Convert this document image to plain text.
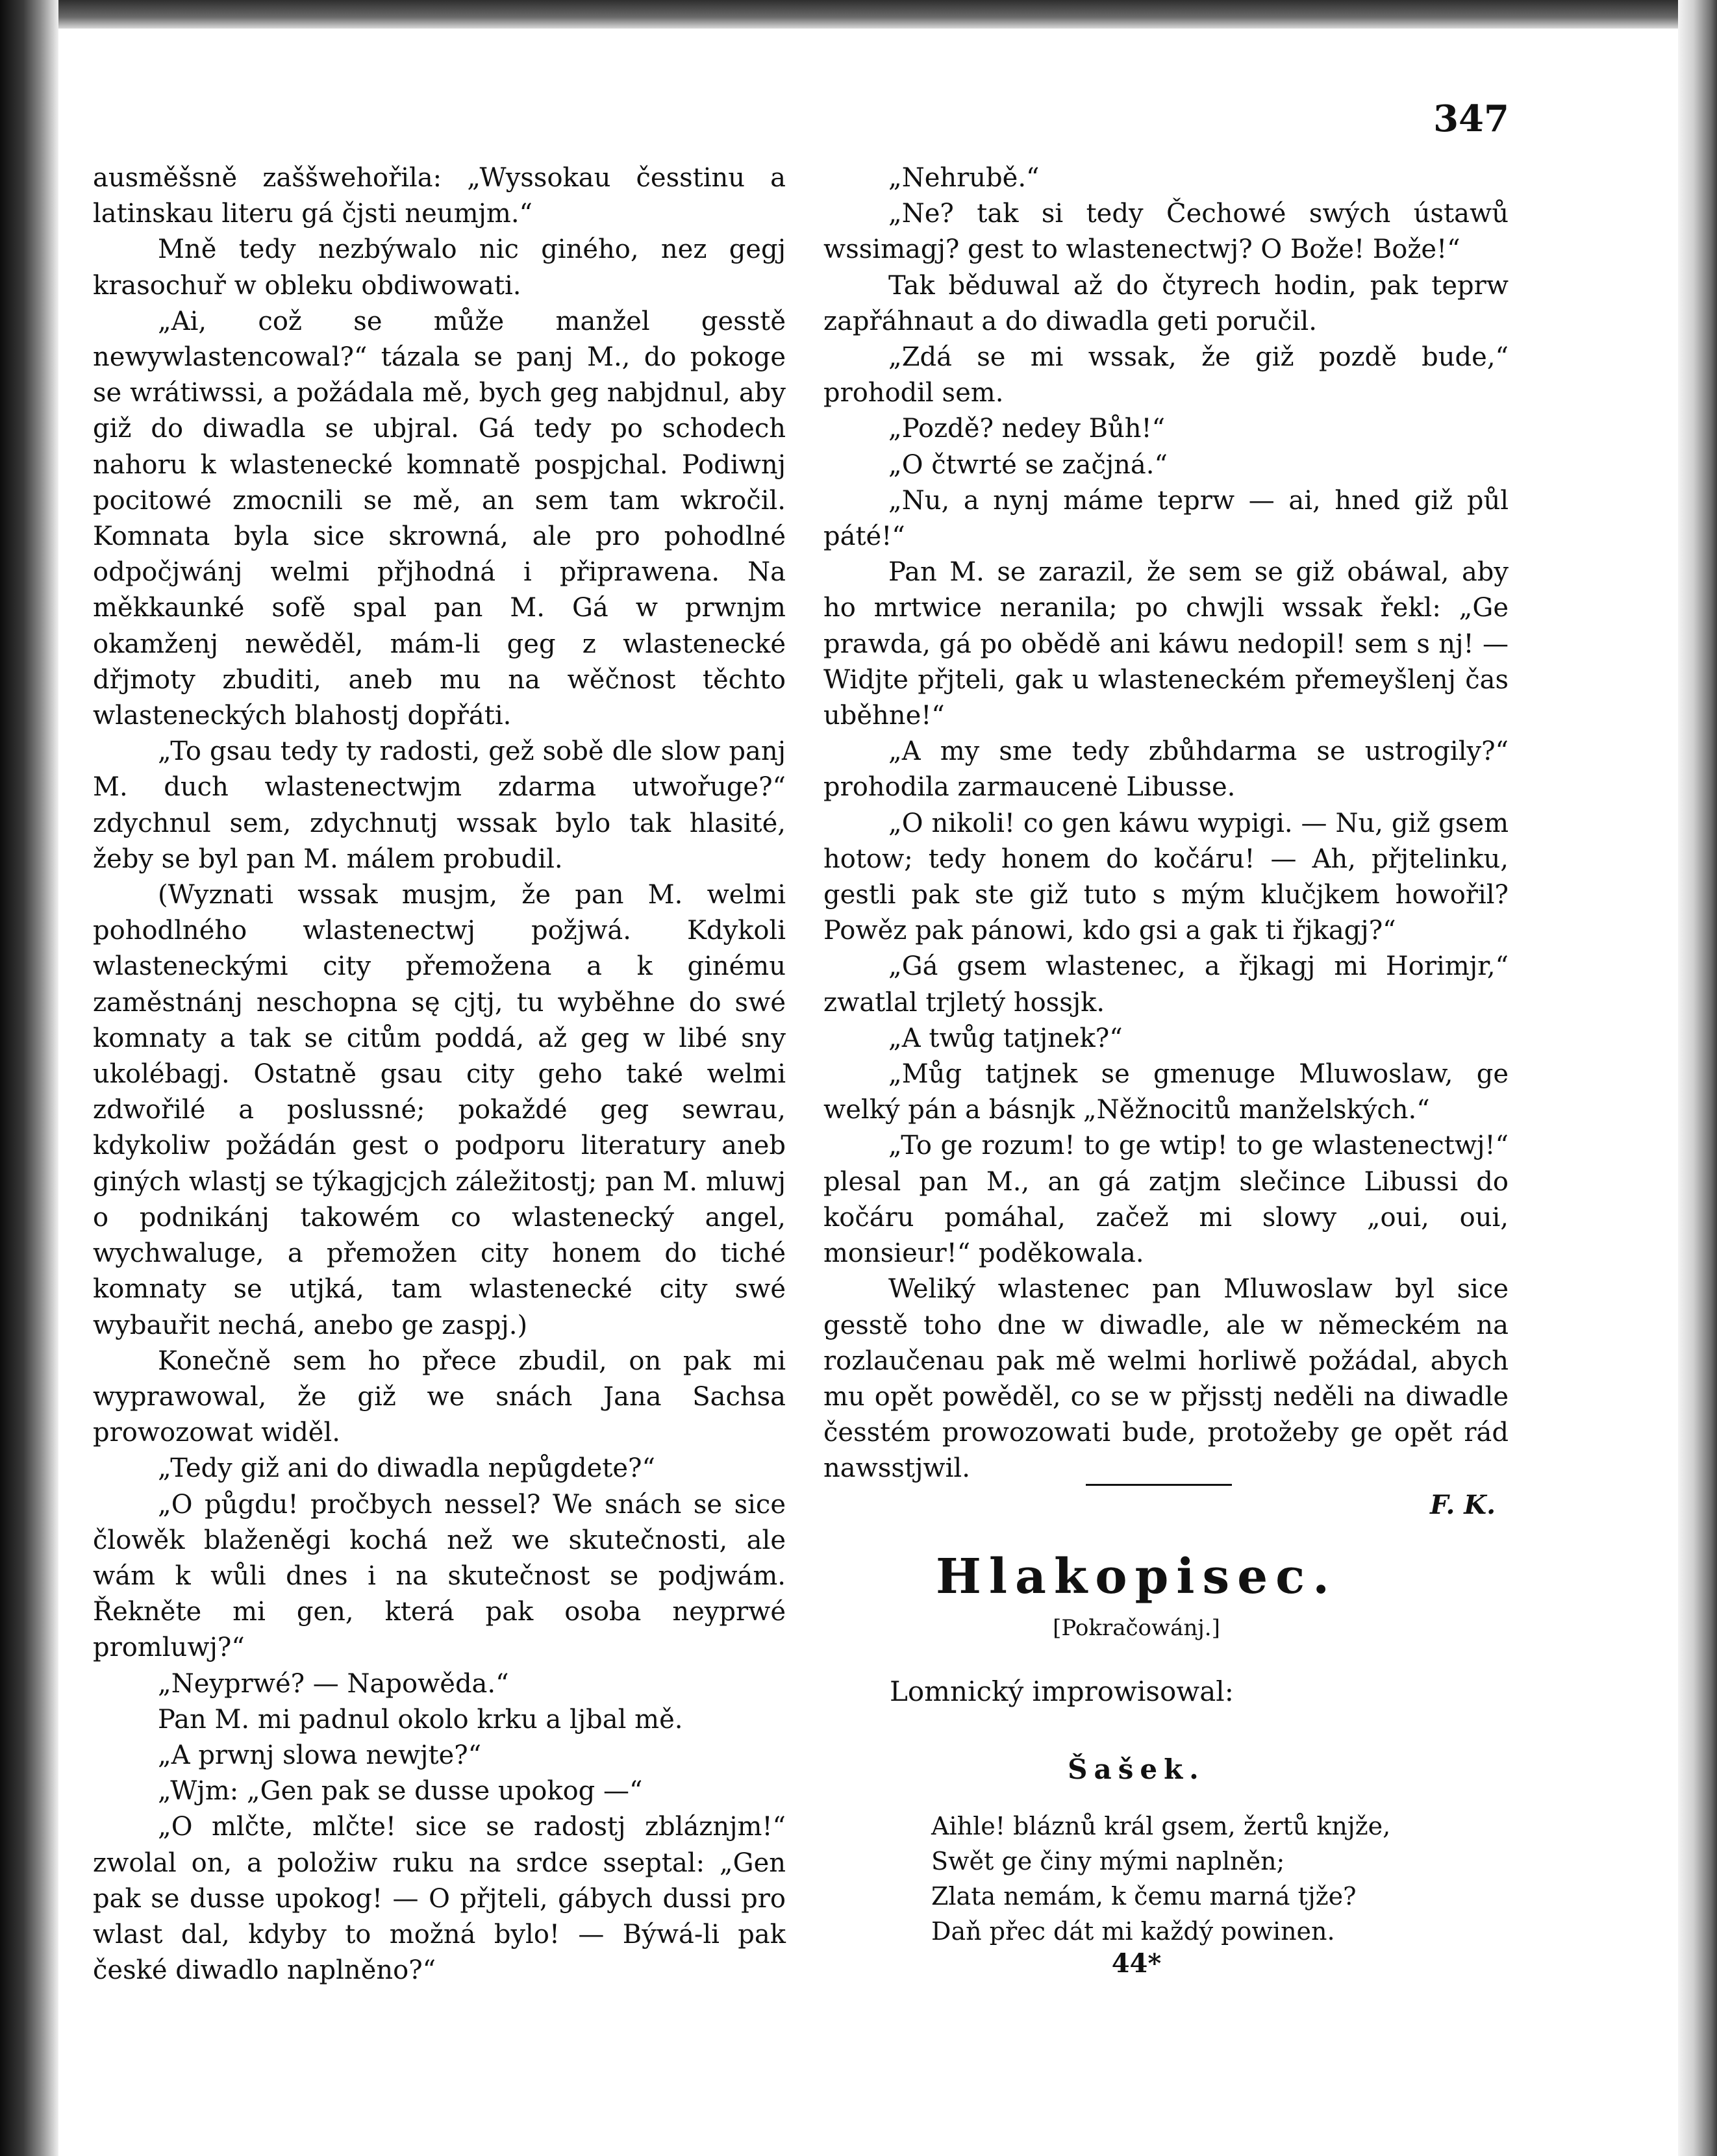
347

ausměšsně zaššwehořila: „Wyssokau česstinu a latinskau literu gá čjsti neumjm.“

Mně tedy nezbýwalo nic giného, nez gegj krasochuř w obleku obdiwowati.

„Ai, což se může manžel gesstě newywlastencowal?“ tázala se panj M., do pokoge se wrátiwssi, a požádala mě, bych geg nabjdnul, aby giž do diwadla se ubjral. Gá tedy po schodech nahoru k wlastenecké komnatě pospjchal. Podiwnj pocitowé zmocnili se mě, an sem tam wkročil. Komnata byla sice skrowná, ale pro pohodlné odpočjwánj welmi přjhodná i připrawena. Na měkkaunké sofě spal pan M. Gá w prwnjm okamženj newěděl, mám-li geg z wlastenecké dřjmoty zbuditi, aneb mu na wěčnost těchto wlasteneckých blahostj dopřáti.

„To gsau tedy ty radosti, gež sobě dle slow panj M. duch wlastenectwjm zdarma utwořuge?“ zdychnul sem, zdychnutj wssak bylo tak hlasité, žeby se byl pan M. málem probudil.

(Wyznati wssak musjm, že pan M. welmi pohodlného wlastenectwj požjwá. Kdykoli wlasteneckými city přemožena a k ginému zaměstnánj neschopna sę cjtj, tu wyběhne do swé komnaty a tak se citům poddá, až geg w libé sny ukolébagj. Ostatně gsau city geho také welmi zdwořilé a poslussné; pokaždé geg sewrau, kdykoliw požádán gest o podporu literatury aneb giných wlastj se týkagjcjch záležitostj; pan M. mluwj o podnikánj takowém co wlastenecký angel, wychwaluge, a přemožen city honem do tiché komnaty se utjká, tam wlastenecké city swé wybauřit nechá, anebo ge zaspj.)

Konečně sem ho přece zbudil, on pak mi wyprawowal, že giž we snách Jana Sachsa prowozowat widěl.

„Tedy giž ani do diwadla nepůgdete?“

„O půgdu! pročbych nessel? We snách se sice člowěk blaženěgi kochá než we skutečnosti, ale wám k wůli dnes i na skutečnost se podjwám. Řekněte mi gen, která pak osoba neyprwé promluwj?“

„Neyprwé? — Napowěda.“

Pan M. mi padnul okolo krku a ljbal mě.

„A prwnj slowa newjte?“

„Wjm: „Gen pak se dusse upokog —“

„O mlčte, mlčte! sice se radostj zbláznjm!“ zwolal on, a položiw ruku na srdce sseptal: „Gen pak se dusse upokog! — O přjteli, gábych dussi pro wlast dal, kdyby to možná bylo! — Býwá-li pak české diwadlo naplněno?“

„Nehrubě.“

„Ne? tak si tedy Čechowé swých ústawů wssimagj? gest to wlastenectwj? O Bože! Bože!“

Tak běduwal až do čtyrech hodin, pak teprw zapřáhnaut a do diwadla geti poručil.

„Zdá se mi wssak, že giž pozdě bude,“ prohodil sem.

„Pozdě? nedey Bůh!“

„O čtwrté se začjná.“

„Nu, a nynj máme teprw — ai, hned giž půl páté!“

Pan M. se zarazil, že sem se giž obáwal, aby ho mrtwice neranila; po chwjli wssak řekl: „Ge prawda, gá po obědě ani káwu nedopil! sem s nj! — Widjte přjteli, gak u wlasteneckém přemeyšlenj čas uběhne!“

„A my sme tedy zbůhdarma se ustrogily?“ prohodila zarmaucenė Libusse.

„O nikoli! co gen káwu wypigi. — Nu, giž gsem hotow; tedy honem do kočáru! — Ah, přjtelinku, gestli pak ste giž tuto s mým klučjkem howořil? Powěz pak pánowi, kdo gsi a gak ti řjkagj?“

„Gá gsem wlastenec, a řjkagj mi Horimjr,“ zwatlal trjletý hossjk.

„A twůg tatjnek?“

„Můg tatjnek se gmenuge Mluwoslaw, ge welký pán a básnjk „Něžnocitů manželských.“

„To ge rozum! to ge wtip! to ge wlastenectwj!“ plesal pan M., an gá zatjm slečince Libussi do kočáru pomáhal, začež mi slowy „oui, oui, monsieur!“ poděkowala.

Weliký wlastenec pan Mluwoslaw byl sice gesstě toho dne w diwadle, ale w německém na rozlaučenau pak mě welmi horliwě požádal, abych mu opět powěděl, co se w přjsstj neděli na diwadle česstém prowozowati bude, protožeby ge opět rád nawsstjwil.

F. K.

Hlakopisec.
[Pokračowánj.]
Lomnický improwisowal:
Šašek.
Aihle! bláznů král gsem, žertů knjže,
Swět ge činy mými naplněn;
Zlata nemám, k čemu marná tjže?
Daň přec dát mi každý powinen.
44*
